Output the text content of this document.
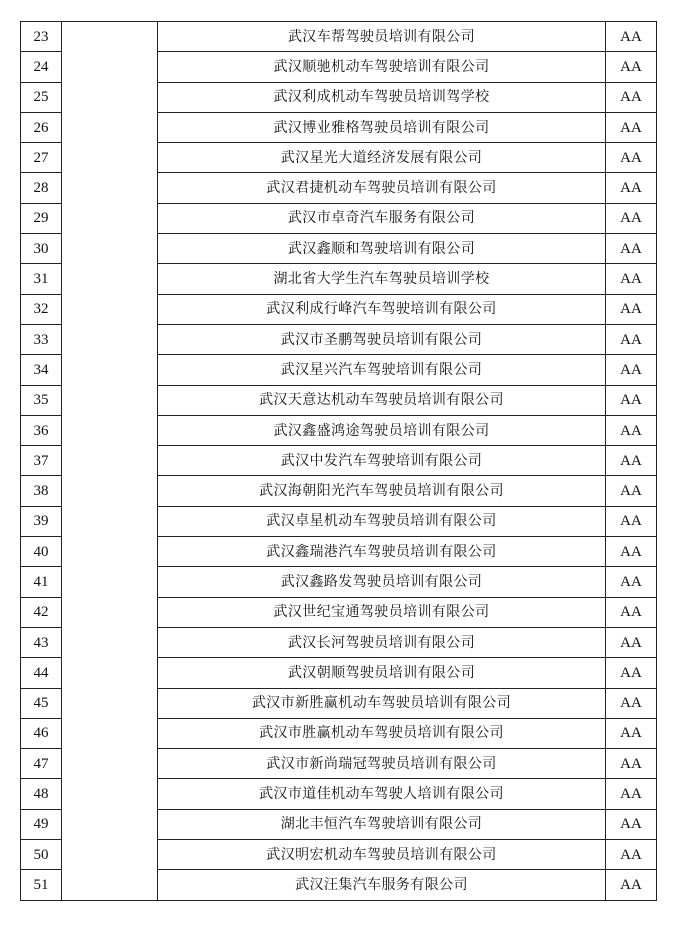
23		武汉车帮驾驶员培训有限公司	AA
24		武汉顺驰机动车驾驶培训有限公司	AA
25		武汉利成机动车驾驶员培训驾学校	AA
26		武汉博业雅格驾驶员培训有限公司	AA
27		武汉星光大道经济发展有限公司	AA
28		武汉君捷机动车驾驶员培训有限公司	AA
29		武汉市卓奇汽车服务有限公司	AA
30		武汉鑫顺和驾驶培训有限公司	AA
31		湖北省大学生汽车驾驶员培训学校	AA
32		武汉利成行峰汽车驾驶培训有限公司	AA
33		武汉市圣鹏驾驶员培训有限公司	AA
34		武汉星兴汽车驾驶培训有限公司	AA
35		武汉天意达机动车驾驶员培训有限公司	AA
36		武汉鑫盛鸿途驾驶员培训有限公司	AA
37		武汉中发汽车驾驶培训有限公司	AA
38		武汉海朝阳光汽车驾驶员培训有限公司	AA
39		武汉卓星机动车驾驶员培训有限公司	AA
40		武汉鑫瑞港汽车驾驶员培训有限公司	AA
41		武汉鑫路发驾驶员培训有限公司	AA
42		武汉世纪宝通驾驶员培训有限公司	AA
43		武汉长河驾驶员培训有限公司	AA
44		武汉朝顺驾驶员培训有限公司	AA
45		武汉市新胜赢机动车驾驶员培训有限公司	AA
46		武汉市胜赢机动车驾驶员培训有限公司	AA
47		武汉市新尚瑞冠驾驶员培训有限公司	AA
48		武汉市道佳机动车驾驶人培训有限公司	AA
49		湖北丰恒汽车驾驶培训有限公司	AA
50		武汉明宏机动车驾驶员培训有限公司	AA
51		武汉汪集汽车服务有限公司	AA
